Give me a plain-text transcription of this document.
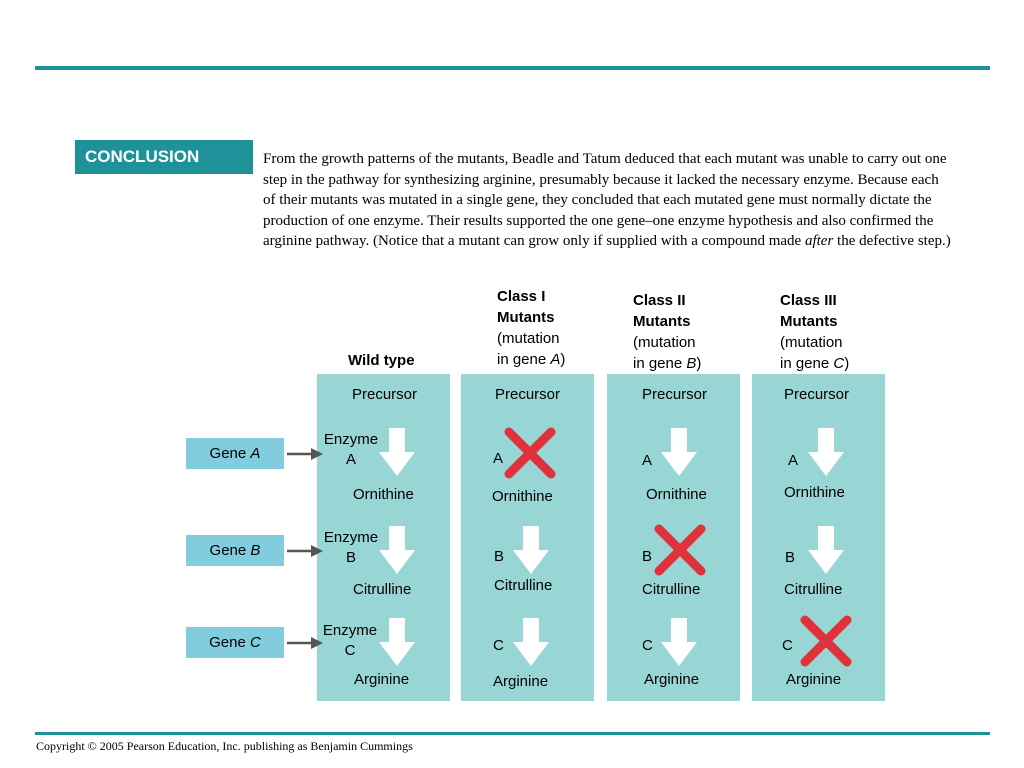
CONCLUSION	From the growth patterns of the mutants, Beadle and Tatum deduced that each mutant was unable to carry out one step in the pathway for synthesizing arginine, presumably because it lacked the necessary enzyme. Because each of their mutants was mutated in a single gene, they concluded that each mutated gene must normally dictate the production of one enzyme. Their results supported the one gene–one enzyme hypothesis and also confirmed the arginine pathway. (Notice that a mutant can grow only if supplied with a compound made after the defective step.)
Wild type
Class I
Mutants
(mutation
in gene A)
Class II
Mutants
(mutation
in gene B)
Class III
Mutants
(mutation
in gene C)
Gene A
Gene B
Gene C
Precursor
Enzyme
A
Ornithine
Enzyme
B
Citrulline
Enzyme
C
Arginine
Precursor
A
Ornithine
B
Citrulline
C
Arginine
Precursor
A
Ornithine
B
Citrulline
C
Arginine
Precursor
A
Ornithine
B
Citrulline
C
Arginine
Copyright © 2005 Pearson Education, Inc. publishing as Benjamin Cummings
